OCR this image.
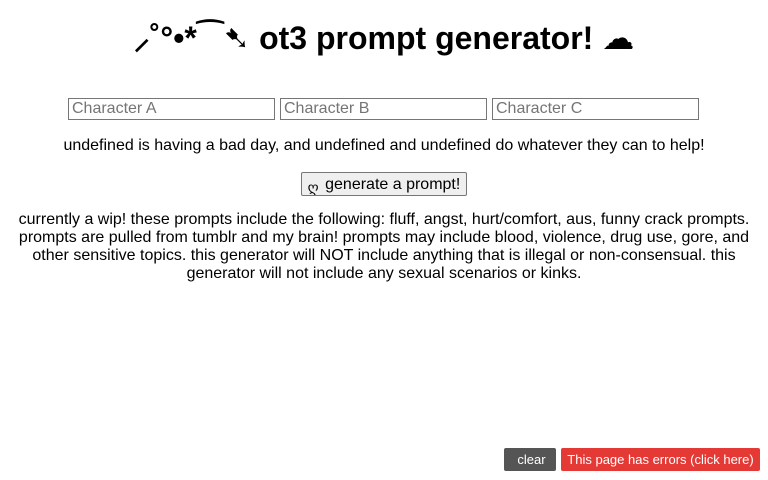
⸝˚°•*⁀➷ ot3 prompt generator! ☁
Character A
Character B
Character C
undefined is having a bad day, and undefined and undefined do whatever they can to help!
ღ generate a prompt!

currently a wip! these prompts include the following: fluff, angst, hurt/comfort, aus, funny crack prompts.
prompts are pulled from tumblr and my brain! prompts may include blood, violence, drug use, gore, and
other sensitive topics. this generator will NOT include anything that is illegal or non-consensual. this
generator will not include any sexual scenarios or kinks.

clear	This page has errors (click here)
